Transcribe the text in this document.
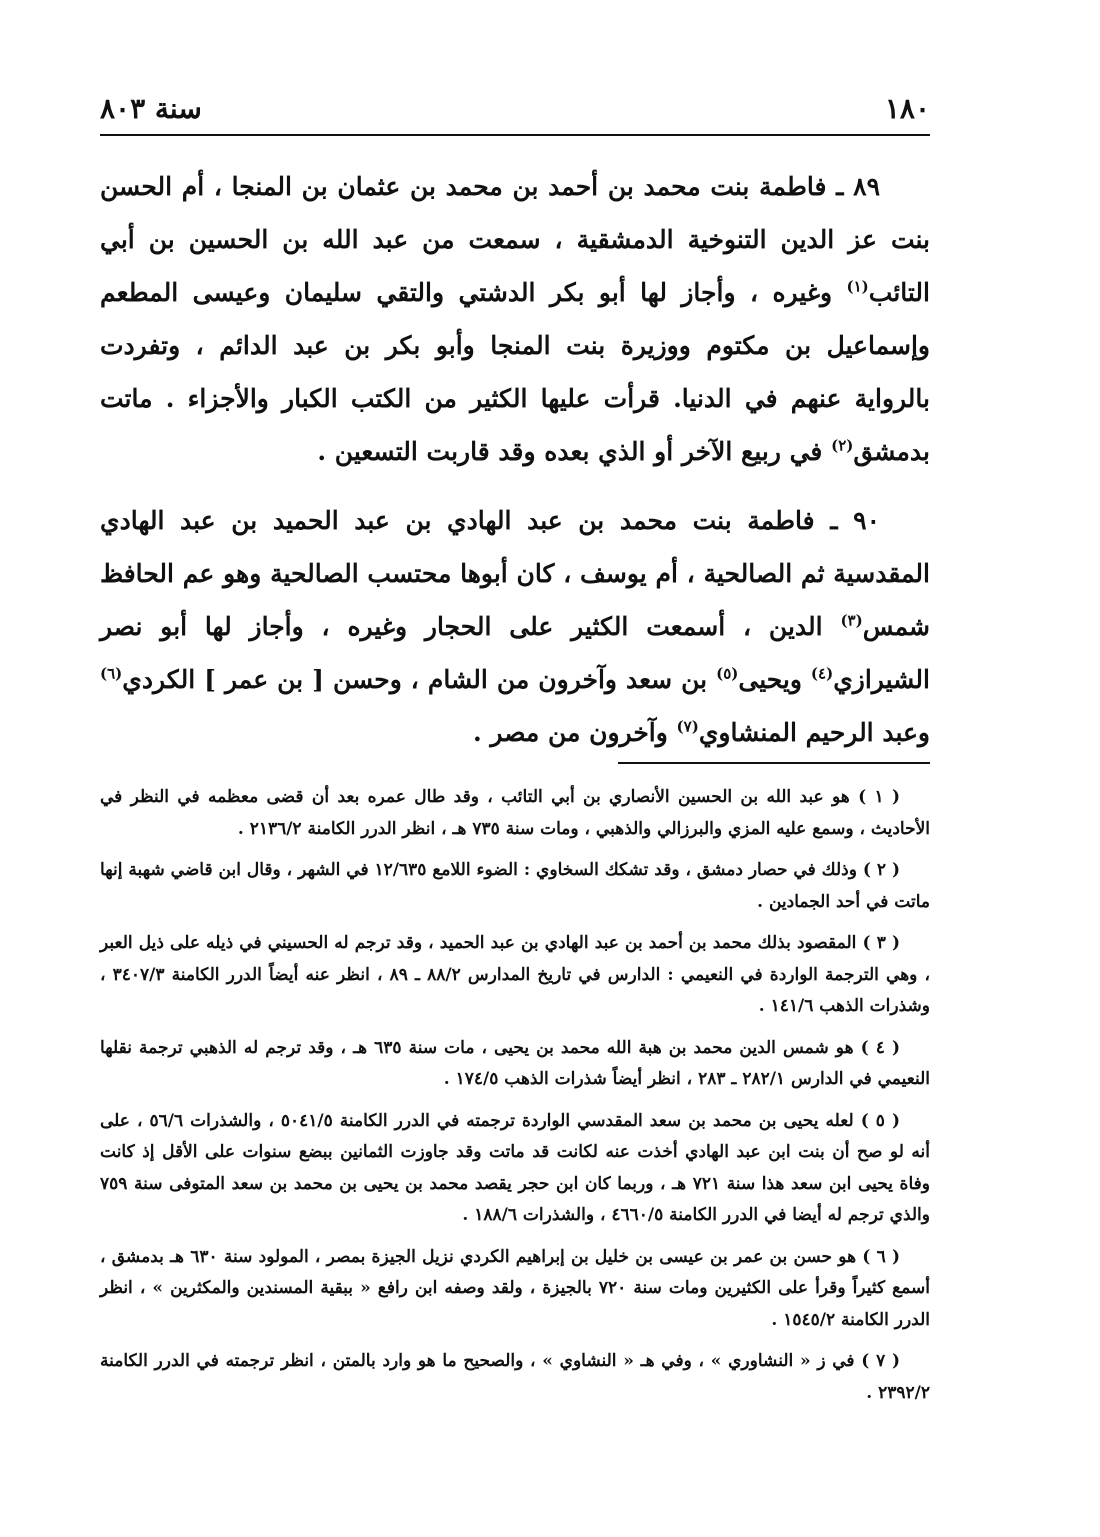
١٨٠
سنة ٨٠٣

٨٩ ـ فاطمة بنت محمد بن أحمد بن محمد بن عثمان بن المنجا ، أم الحسن بنت عز الدين التنوخية الدمشقية ، سمعت من عبد الله بن الحسين بن أبي التائب$^{(١)}$ وغيره ، وأجاز لها أبو بكر الدشتي والتقي سليمان وعيسى المطعم وإسماعيل بن مكتوم ووزيرة بنت المنجا وأبو بكر بن عبد الدائم ، وتفردت بالرواية عنهم في الدنيا. قرأت عليها الكثير من الكتب الكبار والأجزاء . ماتت بدمشق$^{(٢)}$ في ربيع الآخر أو الذي بعده وقد قاربت التسعين .

٩٠ ـ فاطمة بنت محمد بن عبد الهادي بن عبد الحميد بن عبد الهادي المقدسية ثم الصالحية ، أم يوسف ، كان أبوها محتسب الصالحية وهو عم الحافظ شمس$^{(٣)}$ الدين ، أسمعت الكثير على الحجار وغيره ، وأجاز لها أبو نصر الشيرازي$^{(٤)}$ ويحيى$^{(٥)}$ بن سعد وآخرون من الشام ، وحسن [ بن عمر ] الكردي$^{(٦)}$ وعبد الرحيم المنشاوي$^{(٧)}$ وآخرون من مصر .

( ١ ) هو عبد الله بن الحسين الأنصاري بن أبي التائب ، وقد طال عمره بعد أن قضى معظمه في النظر في الأحاديث ، وسمع عليه المزي والبرزالي والذهبي ، ومات سنة ٧٣٥ هـ ، انظر الدرر الكامنة ٢١٣٦/٢ .

( ٢ ) وذلك في حصار دمشق ، وقد تشكك السخاوي : الضوء اللامع ١٢/٦٣٥ في الشهر ، وقال ابن قاضي شهبة إنها ماتت في أحد الجمادين .

( ٣ ) المقصود بذلك محمد بن أحمد بن عبد الهادي بن عبد الحميد ، وقد ترجم له الحسيني في ذيله على ذيل العبر ، وهي الترجمة الواردة في النعيمي : الدارس في تاريخ المدارس ٨٨/٢ ـ ٨٩ ، انظر عنه أيضاً الدرر الكامنة ٣٤٠٧/٣ ، وشذرات الذهب ١٤١/٦ .

( ٤ ) هو شمس الدين محمد بن هبة الله محمد بن يحيى ، مات سنة ٦٣٥ هـ ، وقد ترجم له الذهبي ترجمة نقلها النعيمي في الدارس ٢٨٢/١ ـ ٢٨٣ ، انظر أيضاً شذرات الذهب ١٧٤/٥ .

( ٥ ) لعله يحيى بن محمد بن سعد المقدسي الواردة ترجمته في الدرر الكامنة ٥٠٤١/٥ ، والشذرات ٥٦/٦ ، على أنه لو صح أن بنت ابن عبد الهادي أخذت عنه لكانت قد ماتت وقد جاوزت الثمانين ببضع سنوات على الأقل إذ كانت وفاة يحيى ابن سعد هذا سنة ٧٢١ هـ ، وربما كان ابن حجر يقصد محمد بن يحيى بن محمد بن سعد المتوفى سنة ٧٥٩ والذي ترجم له أيضا في الدرر الكامنة ٤٦٦٠/٥ ، والشذرات ١٨٨/٦ .

( ٦ ) هو حسن بن عمر بن عيسى بن خليل بن إبراهيم الكردي نزيل الجيزة بمصر ، المولود سنة ٦٣٠ هـ بدمشق ، أسمع كثيراً وقرأ على الكثيرين ومات سنة ٧٢٠ بالجيزة ، ولقد وصفه ابن رافع « ببقية المسندين والمكثرين » ، انظر الدرر الكامنة ١٥٤٥/٢ .

( ٧ ) في ز « النشاوري » ، وفي هـ « النشاوي » ، والصحيح ما هو وارد بالمتن ، انظر ترجمته في الدرر الكامنة ٢٣٩٢/٢ .
